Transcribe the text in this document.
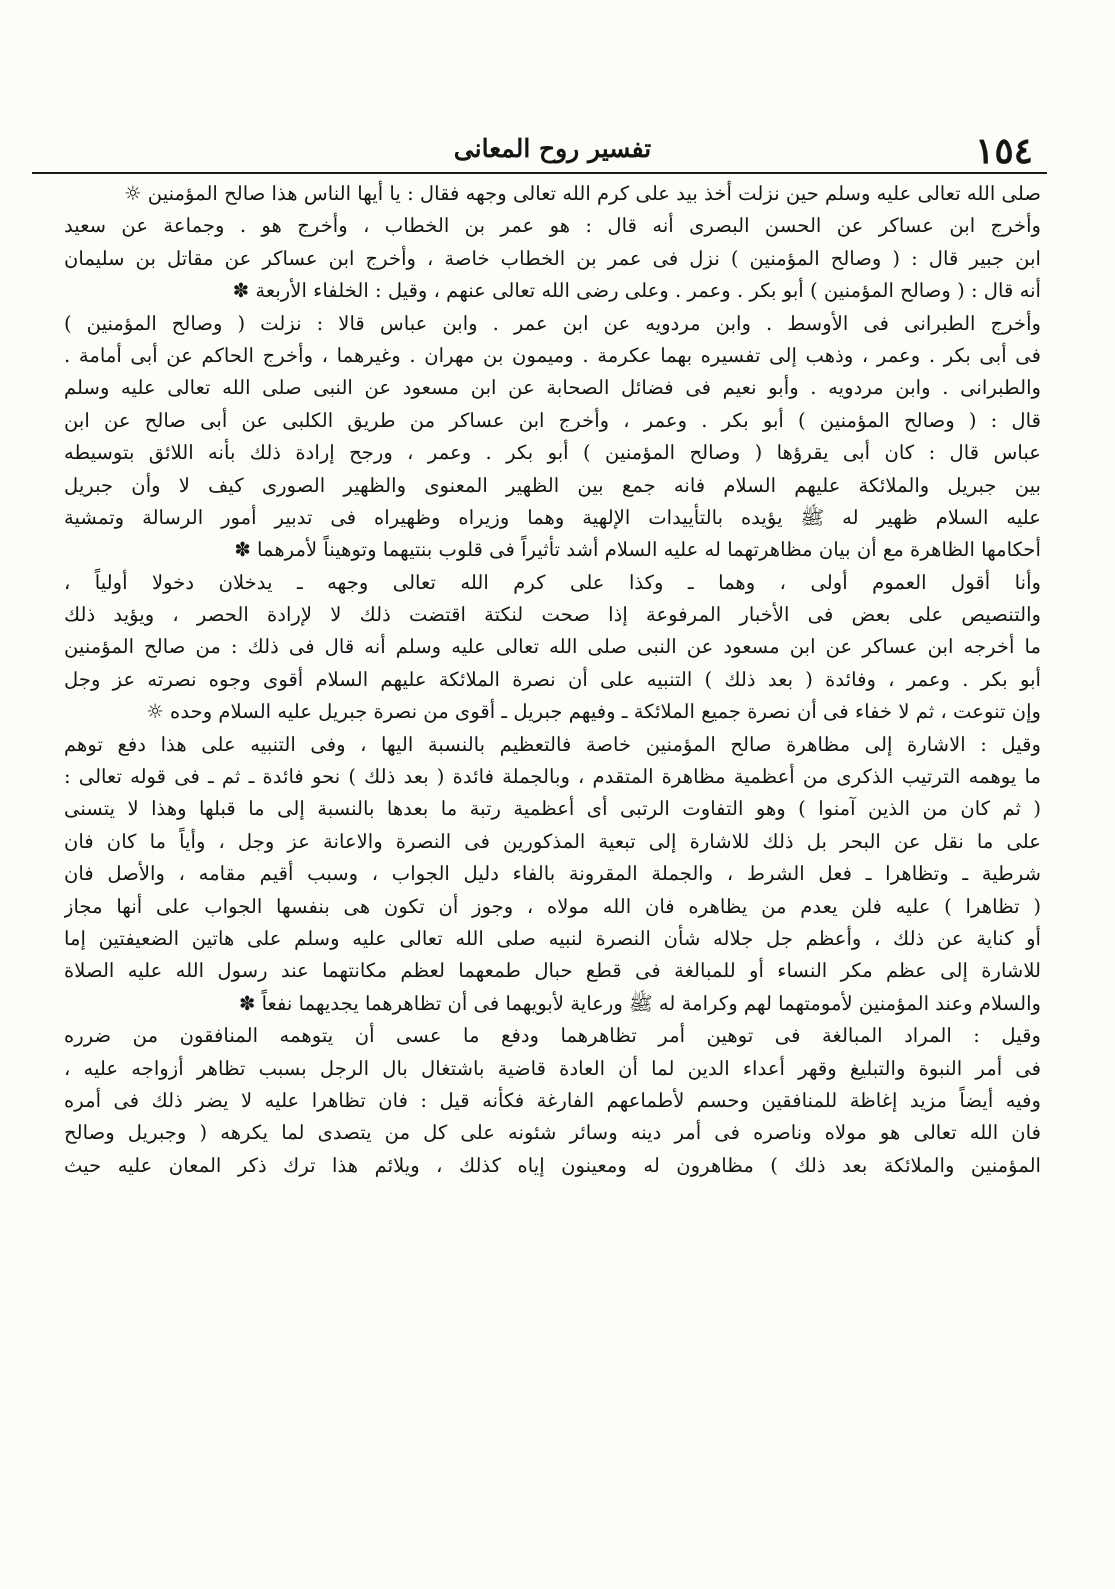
١٥٤
تفسير روح المعانى
صلى الله تعالى عليه وسلم حين نزلت أخذ بيد على كرم الله تعالى وجهه فقال : يا أيها الناس هذا صالح المؤمنين ☼
وأخرج ابن عساكر عن الحسن البصرى أنه قال : هو عمر بن الخطاب ، وأخرج هو . وجماعة عن سعيد
ابن جبير قال : ( وصالح المؤمنين ) نزل فى عمر بن الخطاب خاصة ، وأخرج ابن عساكر عن مقاتل بن سليمان
أنه قال : ( وصالح المؤمنين ) أبو بكر . وعمر . وعلى رضى الله تعالى عنهم ، وقيل : الخلفاء الأربعة ✽
وأخرج الطبرانى فى الأوسط . وابن مردويه عن ابن عمر . وابن عباس قالا : نزلت ( وصالح المؤمنين )
فى أبى بكر . وعمر ، وذهب إلى تفسيره بهما عكرمة . وميمون بن مهران . وغيرهما ، وأخرج الحاكم عن أبى أمامة .
والطبرانى . وابن مردويه . وأبو نعيم فى فضائل الصحابة عن ابن مسعود عن النبى صلى الله تعالى عليه وسلم
قال : ( وصالح المؤمنين ) أبو بكر . وعمر ، وأخرج ابن عساكر من طريق الكلبى عن أبى صالح عن ابن
عباس قال : كان أبى يقرؤها ( وصالح المؤمنين ) أبو بكر . وعمر ، ورجح إرادة ذلك بأنه اللائق بتوسيطه
بين جبريل والملائكة عليهم السلام فانه جمع بين الظهير المعنوى والظهير الصورى كيف لا وأن جبريل
عليه السلام ظهير له ﷺ يؤيده بالتأييدات الإلهية وهما وزيراه وظهيراه فى تدبير أمور الرسالة وتمشية
أحكامها الظاهرة مع أن بيان مظاهرتهما له عليه السلام أشد تأثيراً فى قلوب بنتيهما وتوهيناً لأمرهما ✽
وأنا أقول العموم أولى ، وهما ـ وكذا على كرم الله تعالى وجهه ـ يدخلان دخولا أولياً ،
والتنصيص على بعض فى الأخبار المرفوعة إذا صحت لنكتة اقتضت ذلك لا لإرادة الحصر ، ويؤيد ذلك
ما أخرجه ابن عساكر عن ابن مسعود عن النبى صلى الله تعالى عليه وسلم أنه قال فى ذلك : من صالح المؤمنين
أبو بكر . وعمر ، وفائدة ( بعد ذلك ) التنبيه على أن نصرة الملائكة عليهم السلام أقوى وجوه نصرته عز وجل
وإن تنوعت ، ثم لا خفاء فى أن نصرة جميع الملائكة ـ وفيهم جبريل ـ أقوى من نصرة جبريل عليه السلام وحده ☼
وقيل : الاشارة إلى مظاهرة صالح المؤمنين خاصة فالتعظيم بالنسبة اليها ، وفى التنبيه على هذا دفع توهم
ما يوهمه الترتيب الذكرى من أعظمية مظاهرة المتقدم ، وبالجملة فائدة ( بعد ذلك ) نحو فائدة ـ ثم ـ فى قوله تعالى :
( ثم كان من الذين آمنوا ) وهو التفاوت الرتبى أى أعظمية رتبة ما بعدها بالنسبة إلى ما قبلها وهذا لا يتسنى
على ما نقل عن البحر بل ذلك للاشارة إلى تبعية المذكورين فى النصرة والاعانة عز وجل ، وأياً ما كان فان
شرطية ـ وتظاهرا ـ فعل الشرط ، والجملة المقرونة بالفاء دليل الجواب ، وسبب أقيم مقامه ، والأصل فان
( تظاهرا ) عليه فلن يعدم من يظاهره فان الله مولاه ، وجوز أن تكون هى بنفسها الجواب على أنها مجاز
أو كناية عن ذلك ، وأعظم جل جلاله شأن النصرة لنبيه صلى الله تعالى عليه وسلم على هاتين الضعيفتين إما
للاشارة إلى عظم مكر النساء أو للمبالغة فى قطع حبال طمعهما لعظم مكانتهما عند رسول الله عليه الصلاة
والسلام وعند المؤمنين لأمومتهما لهم وكرامة له ﷺ ورعاية لأبويهما فى أن تظاهرهما يجديهما نفعاً ✽
وقيل : المراد المبالغة فى توهين أمر تظاهرهما ودفع ما عسى أن يتوهمه المنافقون من ضرره
فى أمر النبوة والتبليغ وقهر أعداء الدين لما أن العادة قاضية باشتغال بال الرجل بسبب تظاهر أزواجه عليه ،
وفيه أيضاً مزيد إغاظة للمنافقين وحسم لأطماعهم الفارغة فكأنه قيل : فان تظاهرا عليه لا يضر ذلك فى أمره
فان الله تعالى هو مولاه وناصره فى أمر دينه وسائر شئونه على كل من يتصدى لما يكرهه ( وجبريل وصالح
المؤمنين والملائكة بعد ذلك ) مظاهرون له ومعينون إياه كذلك ، ويلائم هذا ترك ذكر المعان عليه حيث
